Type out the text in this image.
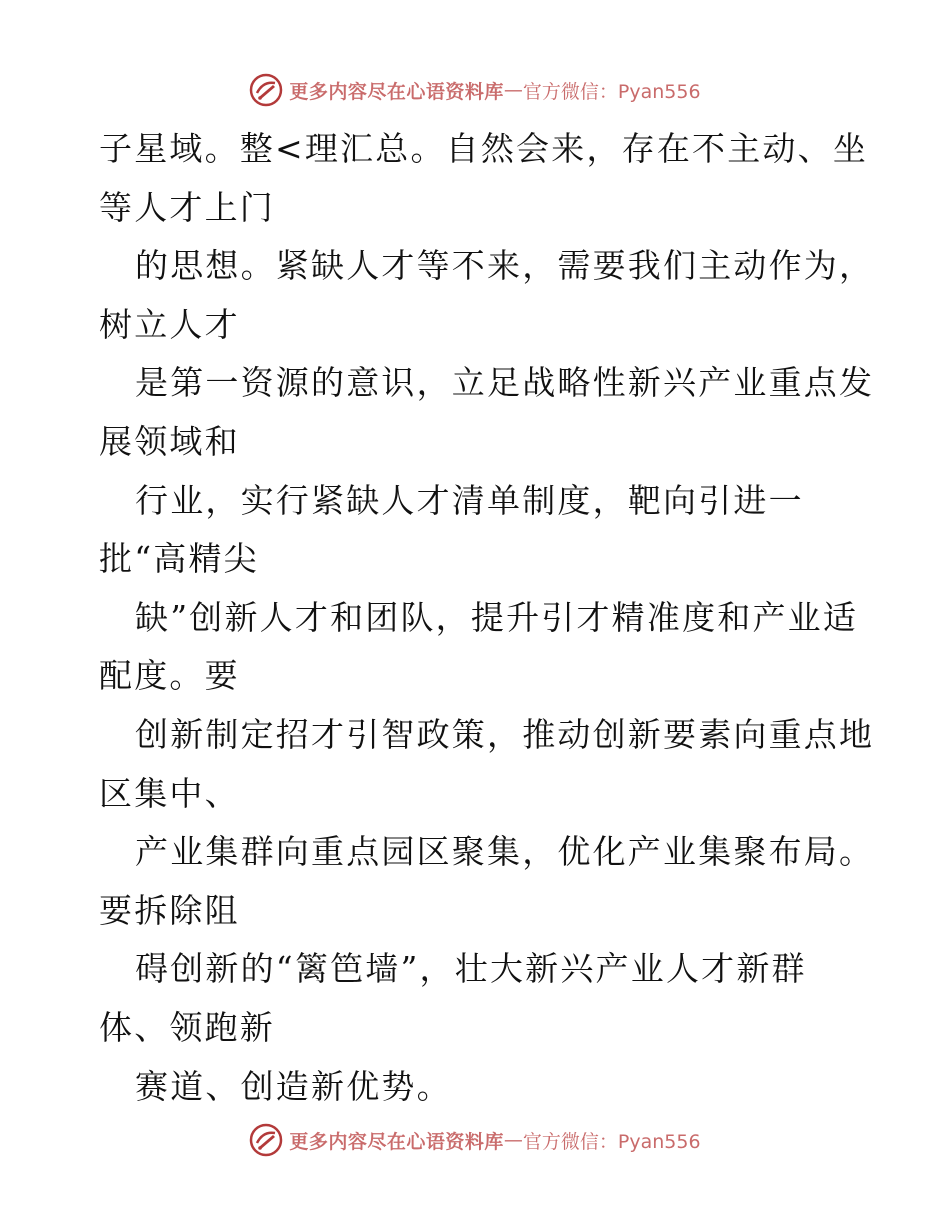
更多内容尽在心语资料库 — 官方微信：Pyan556
子星域。整<理汇总。自然会来，存在不主动、坐
等人才上门
的思想。紧缺人才等不来，需要我们主动作为，
树立人才
是第一资源的意识，立足战略性新兴产业重点发
展领域和
行业，实行紧缺人才清单制度，靶向引进一
批“高精尖
缺”创新人才和团队，提升引才精准度和产业适
配度。要
创新制定招才引智政策，推动创新要素向重点地
区集中、
产业集群向重点园区聚集，优化产业集聚布局。
要拆除阻
碍创新的“篱笆墙”，壮大新兴产业人才新群
体、领跑新
赛道、创造新优势。
更多内容尽在心语资料库 — 官方微信：Pyan556
